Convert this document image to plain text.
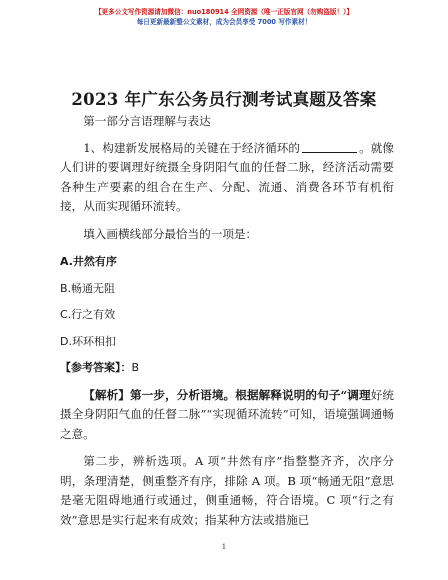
【更多公文写作资源请加微信：nuo180914 全网资源（唯一正版官网（勿购盗版！）】
每日更新最新整公文素材，成为会员享受 7000 写作素材！
2023 年广东公务员行测考试真题及答案

第一部分言语理解与表达

1、构建新发展格局的关键在于经济循环的	。就像人们讲的要调理好统摄全身阴阳气血的任督二脉，经济活动需要各种生产要素的组合在生产、分配、流通、消费各环节有机衔接，从而实现循环流转。

填入画横线部分最恰当的一项是：

A.井然有序

B.畅通无阻

C.行之有效

D.环环相扣

【参考答案】：B

【解析】第一步，分析语境。根据解释说明的句子“调理好统摄全身阴阳气血的任督二脉”“实现循环流转”可知，语境强调通畅之意。

第二步，辨析选项。A 项“井然有序”指整整齐齐，次序分明，条理清楚，侧重整齐有序，排除 A 项。B 项“畅通无阻”意思是毫无阻碍地通行或通过，侧重通畅，符合语境。C 项“行之有效”意思是实行起来有成效；指某种方法或措施已

1
